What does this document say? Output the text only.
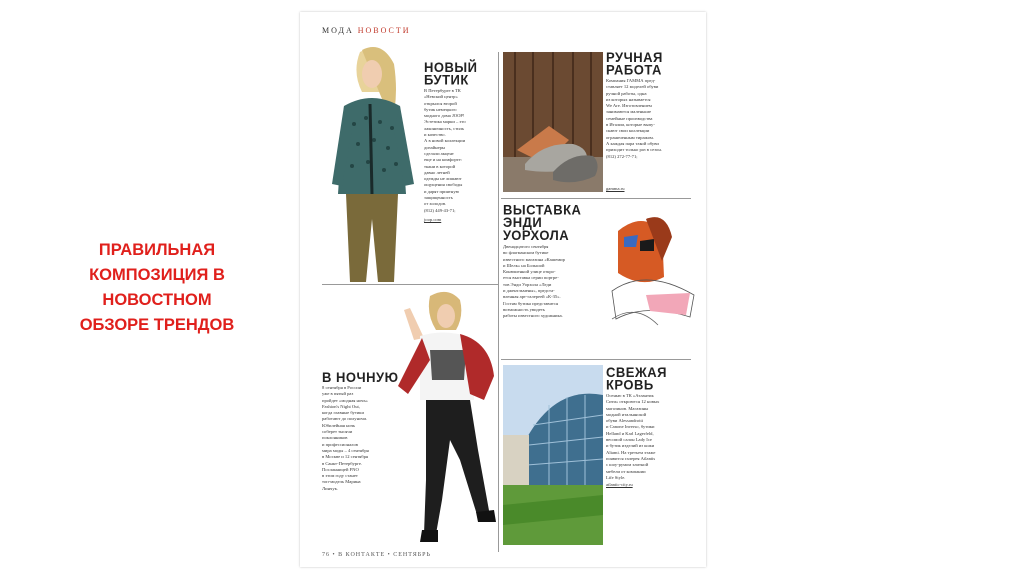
ПРАВИЛЬНАЯ
КОМПОЗИЦИЯ В
НОВОСТНОМ
ОБЗОРЕ ТРЕНДОВ
МОДА НОВОСТИ
НОВЫЙ
БУТИК
В Петербурге в ТК
«Невский центр»
открылся второй
бутик немецкого
модного дома JOOP!
Эстетика марки – это
лаконичность, стиль
и качество.
А в новой коллекции
дизайнеры
сделали акцент
еще и на комфорте:
ткани в которой
давно летней
одежды не лишают
ощущения свободы
и дарят приятную
защищенность
от холодов.
(812) 449-43-71;
joop.com
РУЧНАЯ
РАБОТА
Компания ГАММА пред-
ставляет 12 моделей обуви
ручной работы, одна
из которых называется
We Are. Изготовлением
занимаются маленькие
семейные производства
в Италии, которые выпу-
скают свои коллекции
ограниченным тиражом.
А каждая пара такой обуви
приходит только раз в сезон.
(812) 272-77-71;
gamma.ru
ВЫСТАВКА
ЭНДИ
УОРХОЛА
Двенадцатого сентября
во флагманском бутике
известного магазина «Кашемир
и Шелк» на Большой
Конюшенной улице откро-
ется выставка серии портре-
тов Энди Уорхола «Леди
и джентльмены», предста-
вленная арт-галереей «К-35».
Гостям бутика представится
возможность увидеть
работы известного художника.
В НОЧНУЮ
8 сентября в России
уже в пятый раз
пройдет «модная ночь»
Fashion's Night Out,
когда главные бутики
работают до полуночи.
Юбилейная ночь
соберет тысячи
поклонников
и профессионалов
мира моды – 4 сентября
в Москве и 12 сентября
в Санкт-Петербурге.
Посланницей FNO
в этом году станет
топ-модель Марина
Линчук.
СВЕЖАЯ
КРОВЬ
Осенью в ТК «Атлантик
Сити» откроются 12 новых
магазинов. Магазины
модной итальянской
обуви Alessandrotti
и Canone Inverso, бутики
Helland и Karl Lagerfeld,
весомой салон Lady Ice
и бутик изделий из кожи
Altami. На третьем этаже
появится галерея Atlantis
с шоу-румом элитной
мебели от компании
Life Style.
atlantic-city.ru
76 • В КОНТАКТЕ • СЕНТЯБРЬ
